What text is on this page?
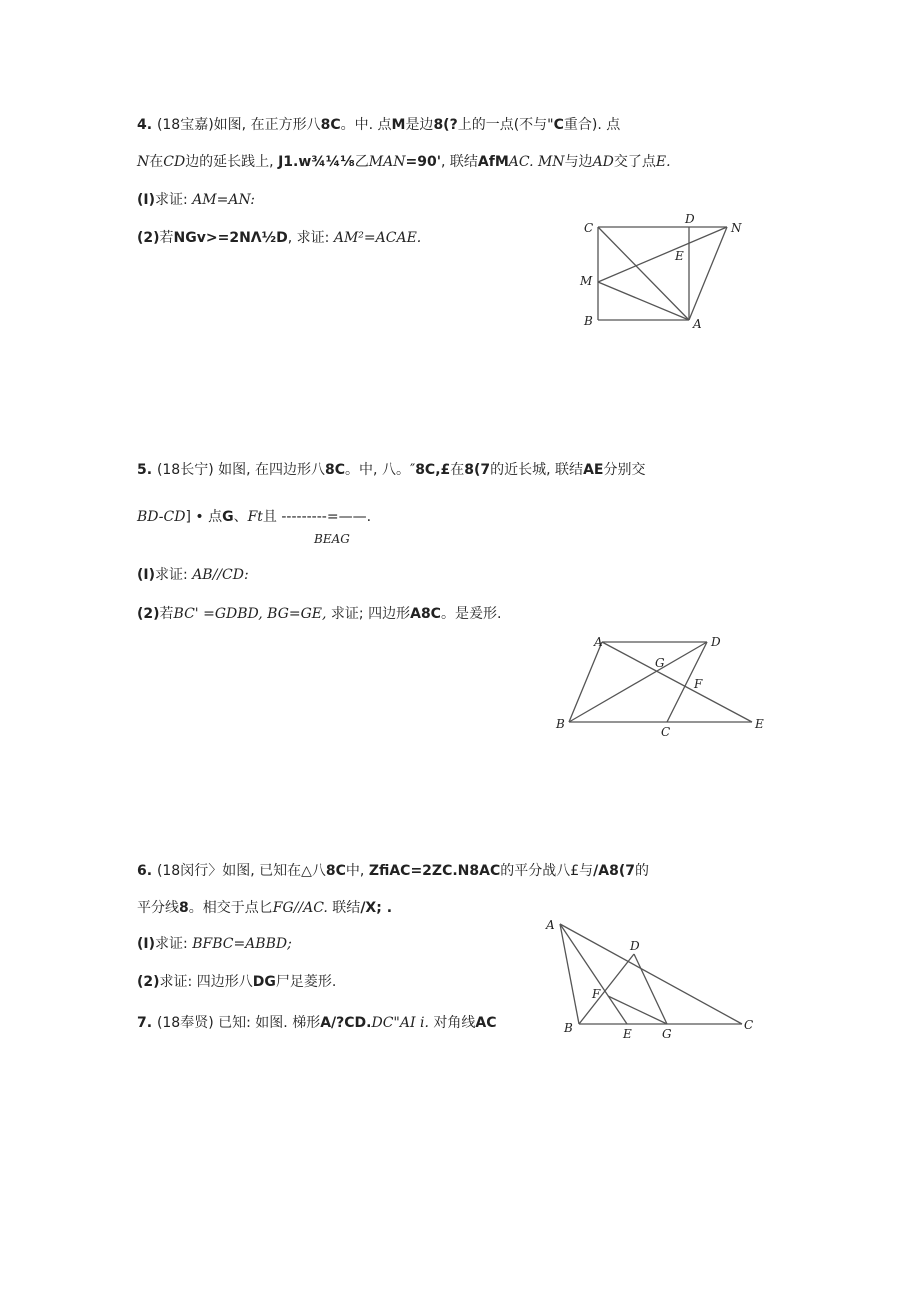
4. (18宝嘉)如图, 在正方形八8C。中. 点M是边8(?上的一点(不与"C重合). 点
N在CD边的延长践上, J1.w¾¼⅛乙MAN=90', 联结AfMAC. MN与边AD交了点E.
(I)求证: AM=AN:
(2)若NGv>=2NΛ½D, 求证: AM²=ACAE.
C
D
N
E
M
B	A
5. (18长宁) 如图, 在四边形八8C。中, 八。″8C,£在8(7的近长城, 联结AE分别交
BD-CD] • 点G、Ft且 ---------=——.
BEAG
(I)求证: AB//CD:
(2)若BC' =GDBD, BG=GE, 求证; 四边形A8C。是爰形.
A	D
G
F
B
C
E
6. (18闵行〉如图, 已知在△八8C中, ZfiAC=2ZC.N8AC的平分战八£与/A8(7的
平分线8。相交于点匕FG//AC. 联结/X; .
(I)求证: BFBC=ABBD;
(2)求证: 四边形八DG尸足菱形.
7. (18奉贤) 已知: 如图. 梯形A/?CD.DC"AI i. 对角线AC
A
D
F
B	E	G
C
